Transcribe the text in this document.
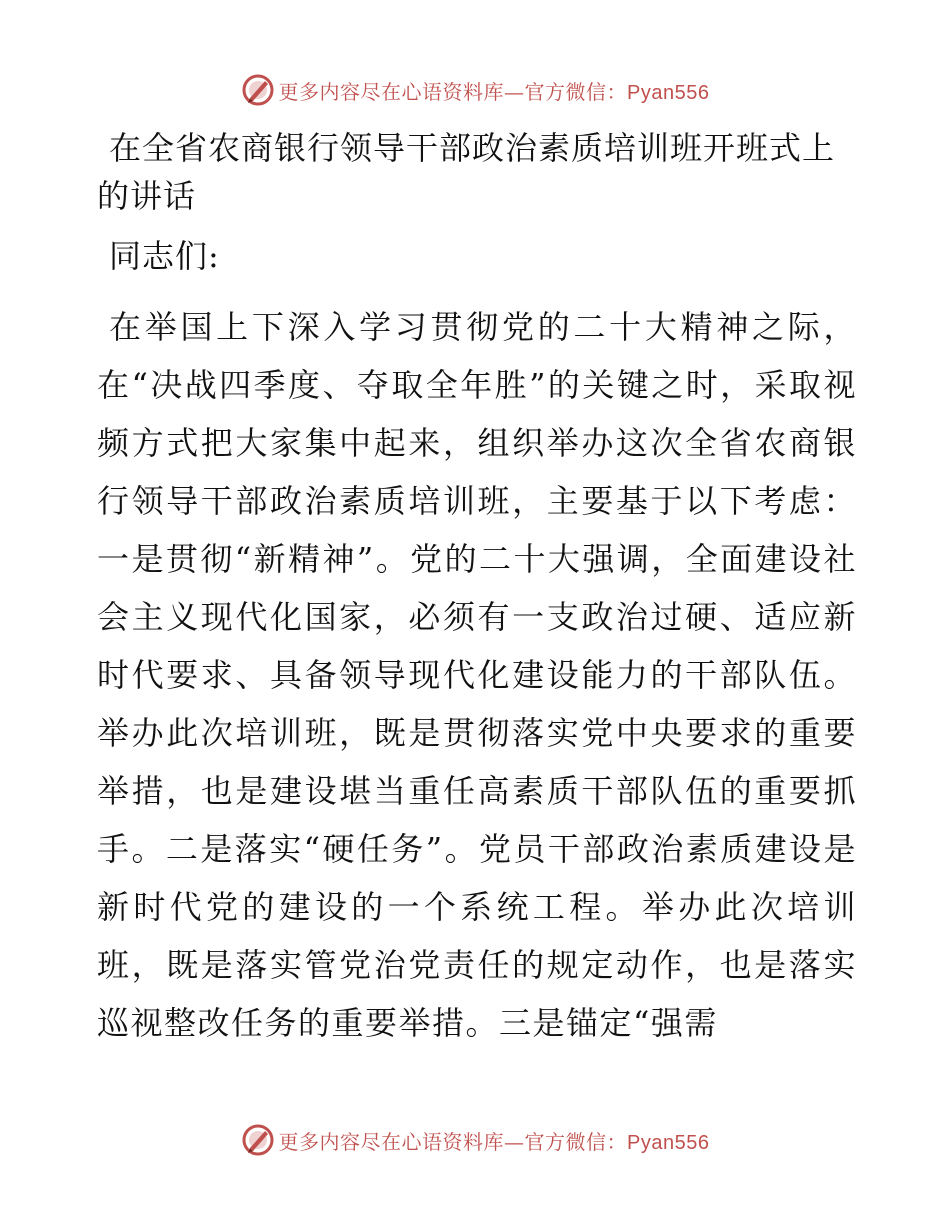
更多内容尽在心语资料库—官方微信：Pyan556
在全省农商银行领导干部政治素质培训班开班式上的讲话

同志们:

在举国上下深入学习贯彻党的二十大精神之际，在“决战四季度、夺取全年胜”的关键之时，采取视频方式把大家集中起来，组织举办这次全省农商银行领导干部政治素质培训班，主要基于以下考虑：一是贯彻“新精神”。党的二十大强调，全面建设社会主义现代化国家，必须有一支政治过硬、适应新时代要求、具备领导现代化建设能力的干部队伍。举办此次培训班，既是贯彻落实党中央要求的重要举措，也是建设堪当重任高素质干部队伍的重要抓手。二是落实“硬任务”。党员干部政治素质建设是新时代党的建设的一个系统工程。举办此次培训班，既是落实管党治党责任的规定动作，也是落实巡视整改任务的重要举措。三是锚定“强需

更多内容尽在心语资料库—官方微信：Pyan556
